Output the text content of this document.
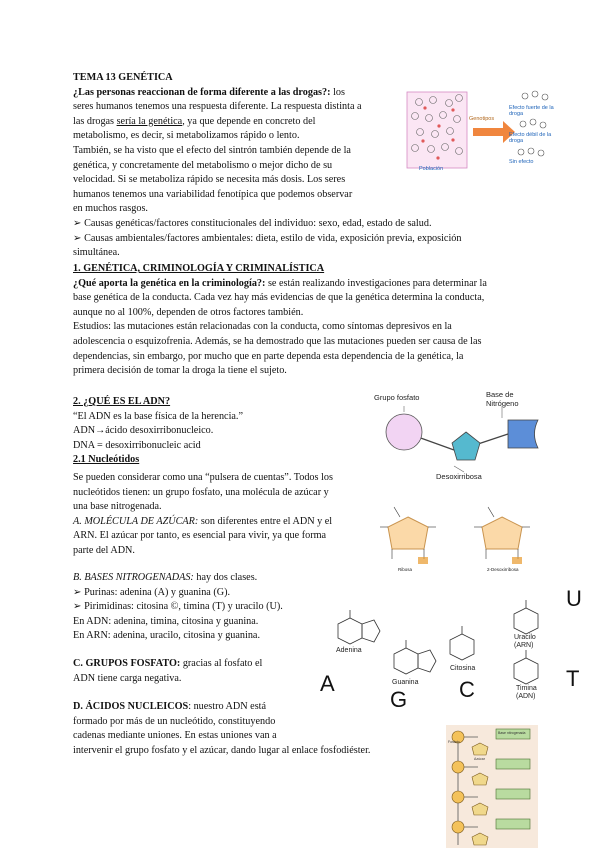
TEMA 13 GENÉTICA

¿Las personas reaccionan de forma diferente a las drogas?: los

seres humanos tenemos una respuesta diferente. La respuesta distinta a

las drogas sería la genética, ya que depende en concreto del

metabolismo, es decir, si metabolizamos rápido o lento.

También, se ha visto que el efecto del sintrón también depende de la

genética, y concretamente del metabolismo o mejor dicho de su

velocidad. Si se metaboliza rápido se necesita más dosis. Los seres

humanos tenemos una variabilidad fenotípica que podemos observar

en muchos rasgos.

➢ Causas genéticas/factores constitucionales del individuo: sexo, edad, estado de salud.

➢ Causas ambientales/factores ambientales: dieta, estilo de vida, exposición previa, exposición

simultánea.

Genotipos
Población
Efecto fuerte de la droga
Efecto débil de la droga
Sin efecto

1. GENÉTICA, CRIMINOLOGÍA Y CRIMINALÍSTICA

¿Qué aporta la genética en la criminología?: se están realizando investigaciones para determinar la

base genética de la conducta. Cada vez hay más evidencias de que la genética determina la conducta,

aunque no al 100%, dependen de otros factores también.

Estudios: las mutaciones están relacionadas con la conducta, como síntomas depresivos en la

adolescencia o esquizofrenia. Además, se ha demostrado que las mutaciones pueden ser causa de las

dependencias, sin embargo, por mucho que en parte dependa esta dependencia de la genética, la

primera decisión de tomar la droga la tiene el sujeto.

2. ¿QUÉ ES EL ADN?

“El ADN es la base física de la herencia.”

ADN→ácido desoxirribonucleico.

DNA = desoxirribonucleic acid

2.1 Nucleótidos

Se pueden considerar como una “pulsera de cuentas”. Todos los

nucleótidos tienen: un grupo fosfato, una molécula de azúcar y

una base nitrogenada.

A. MOLÉCULA DE AZÚCAR: son diferentes entre el ADN y el

ARN. El azúcar por tanto, es esencial para vivir, ya que forma

parte del ADN.

B. BASES NITROGENADAS: hay dos clases.

➢ Purinas: adenina (A) y guanina (G).

➢ Pirimidinas: citosina ©, timina (T) y uracilo (U).

En ADN: adenina, timina, citosina y guanina.

En ARN: adenina, uracilo, citosina y guanina.

C. GRUPOS FOSFATO: gracias al fosfato el

ADN tiene carga negativa.

D. ÁCIDOS NUCLEICOS: nuestro ADN está

formado por más de un nucleótido, constituyendo

cadenas mediante uniones. En estas uniones van a

intervenir el grupo fosfato y el azúcar, dando lugar al enlace fosfodiéster.

Grupo fosfato	Base de Nitrógeno
Desoxirribosa
Ribosa	2-Desoxirribosa
Adenina
Guanina
Citosina
Uracilo
(ARN)
Timina
(ADN)
A
G C
U
T
Fosfato
Azúcar
Base nitrogenada
